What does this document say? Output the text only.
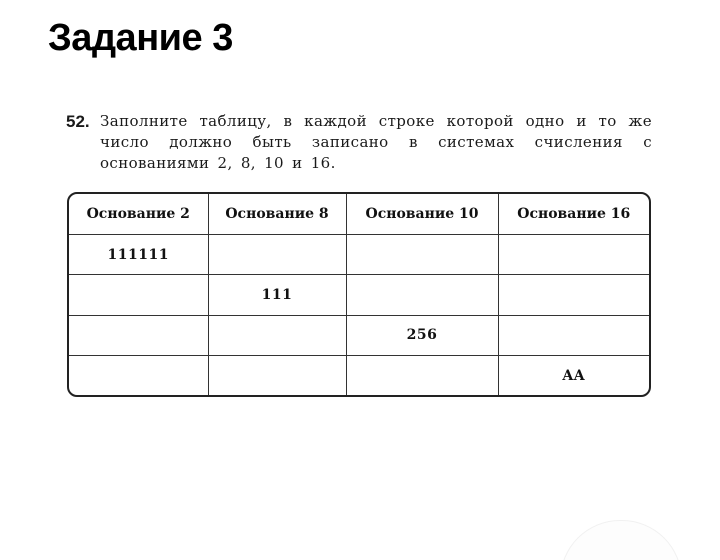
Задание 3
52. Заполните таблицу, в каждой строке которой одно и то же число должно быть записано в системах счисления с основаниями 2, 8, 10 и 16.
Основание 2	Основание 8	Основание 10	Основание 16
111111			
	111		
		256	
			AA
